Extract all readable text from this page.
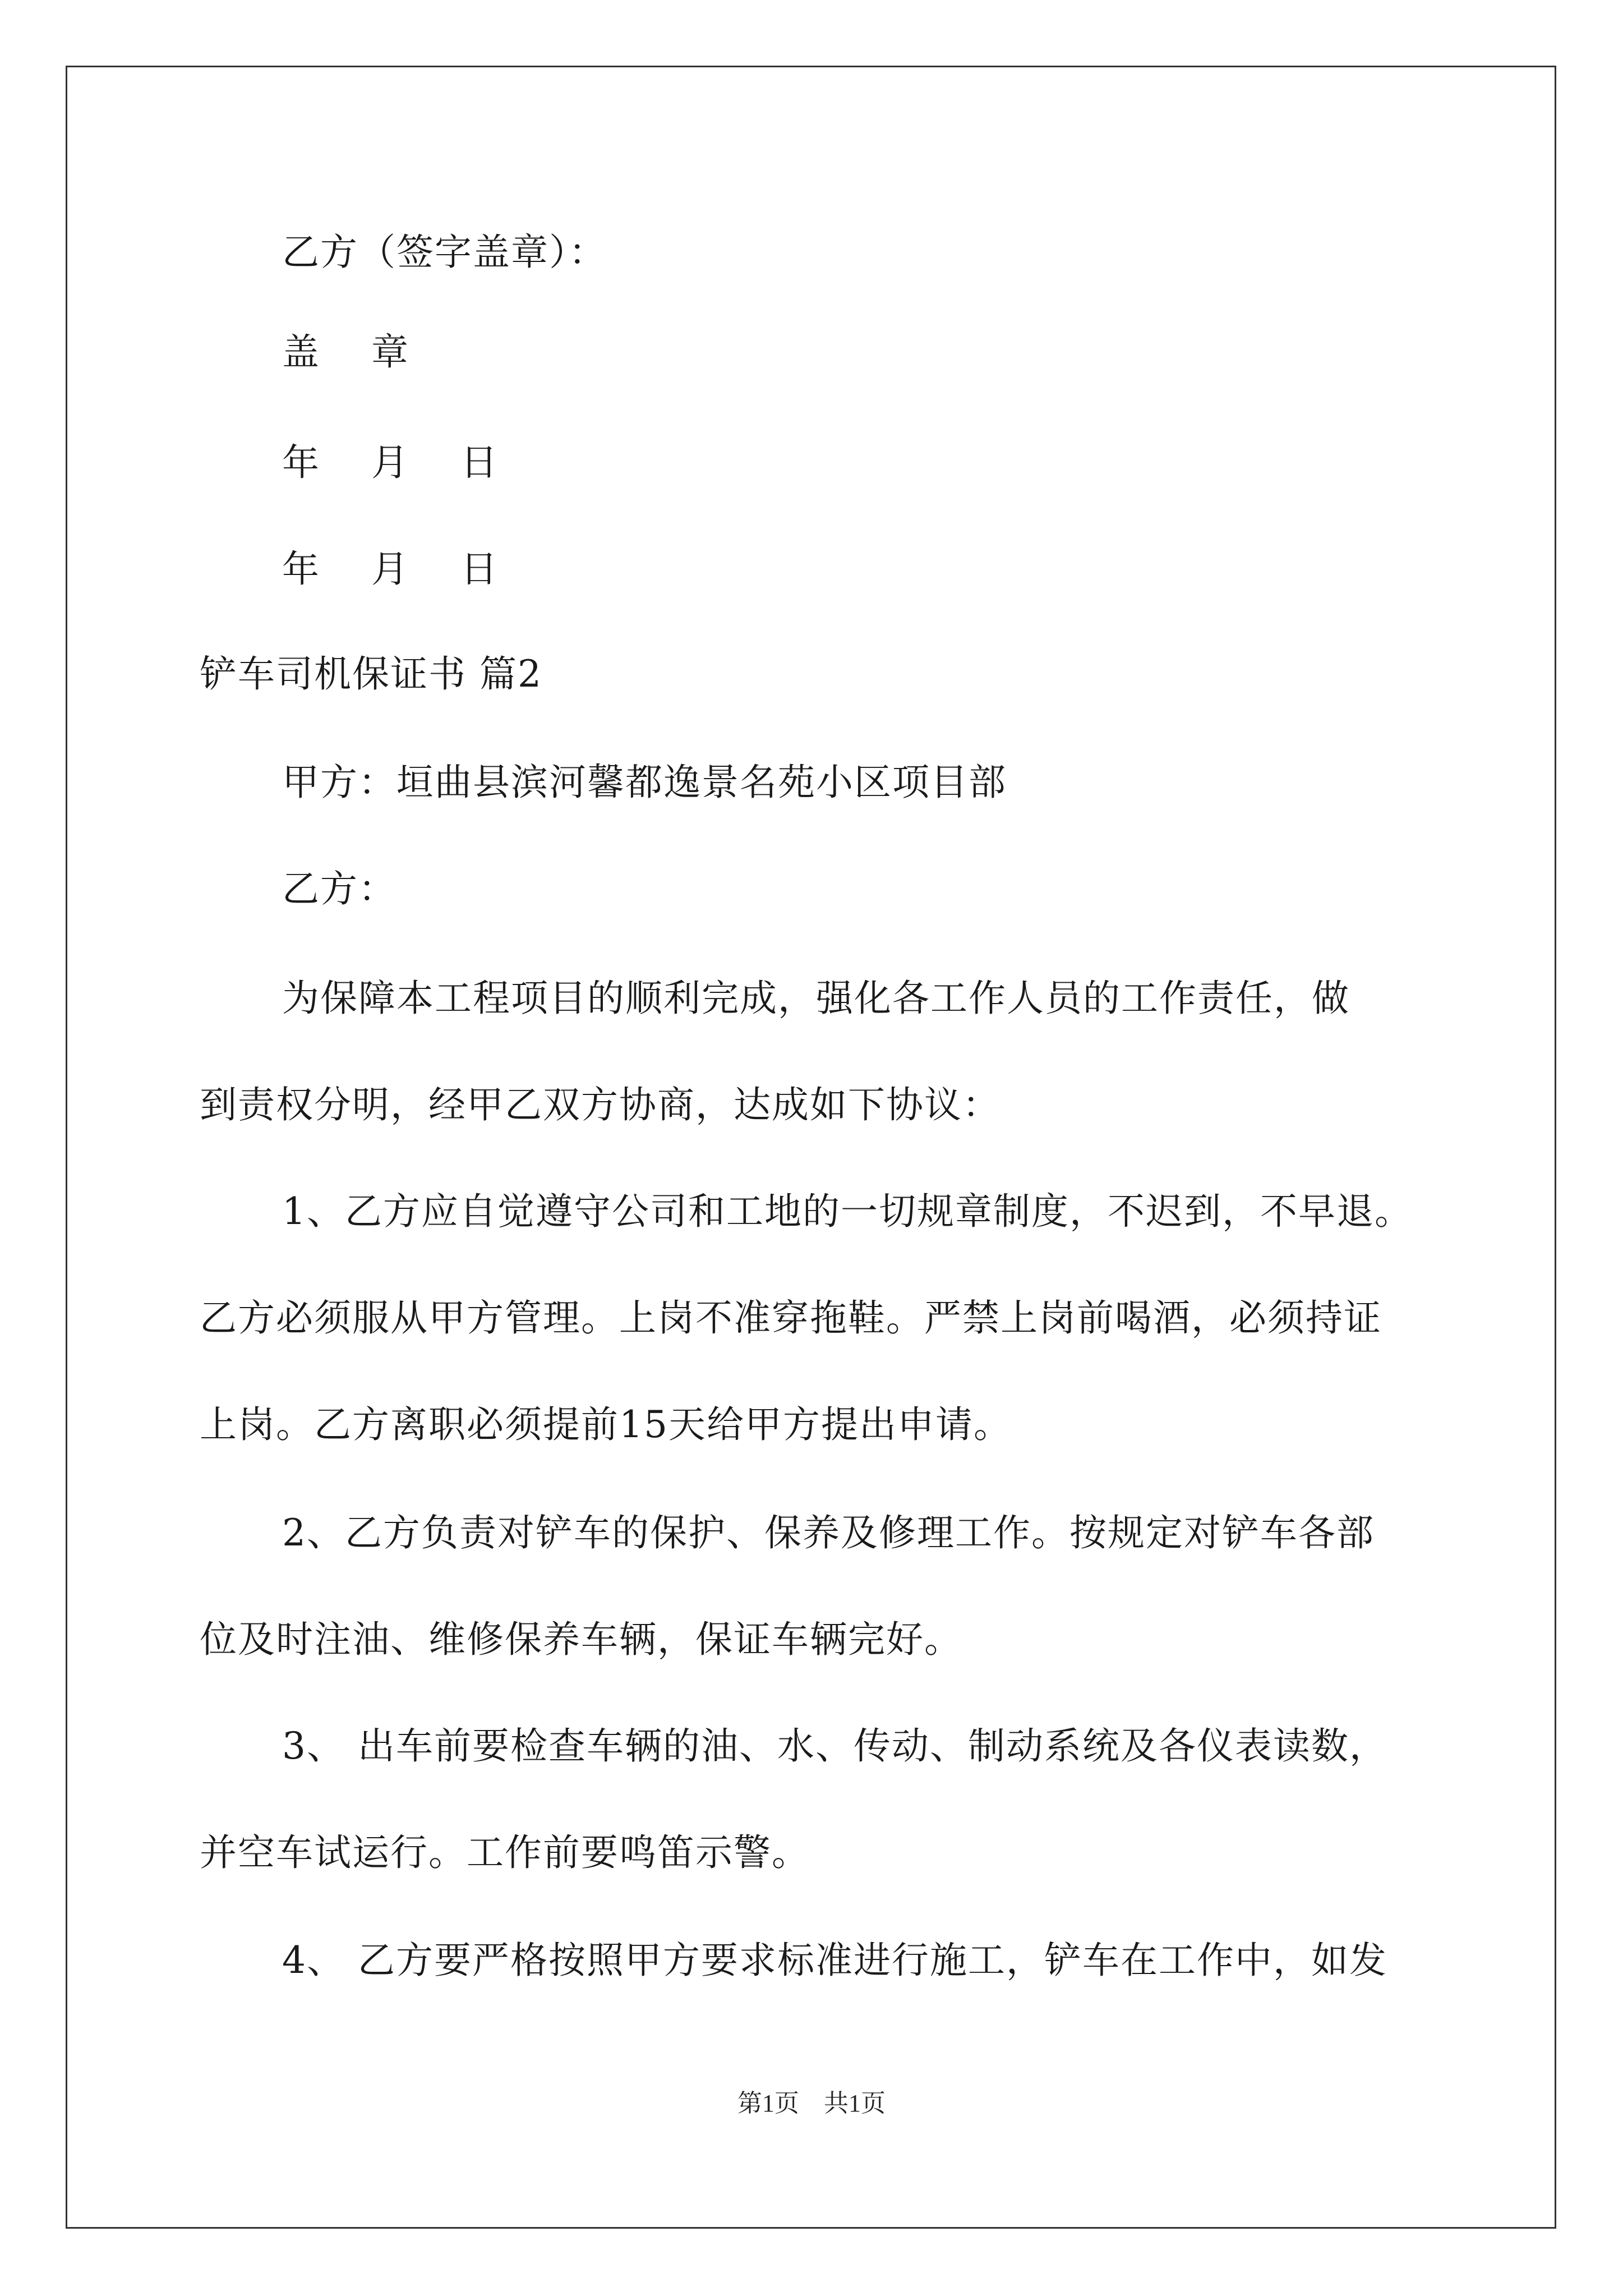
乙方（签字盖章）：
盖 章
年 月 日
年 月 日
铲车司机保证书 篇2
甲方：垣曲县滨河馨都逸景名苑小区项目部
乙方：
为保障本工程项目的顺利完成，强化各工作人员的工作责任，做
到责权分明，经甲乙双方协商，达成如下协议：
1、乙方应自觉遵守公司和工地的一切规章制度，不迟到，不早退。
乙方必须服从甲方管理。上岗不准穿拖鞋。严禁上岗前喝酒，必须持证
上岗。乙方离职必须提前15天给甲方提出申请。
2、乙方负责对铲车的保护、保养及修理工作。按规定对铲车各部
位及时注油、维修保养车辆，保证车辆完好。
3、 出车前要检查车辆的油、水、传动、制动系统及各仪表读数，
并空车试运行。工作前要鸣笛示警。
4、 乙方要严格按照甲方要求标准进行施工，铲车在工作中，如发
第1页　共1页
